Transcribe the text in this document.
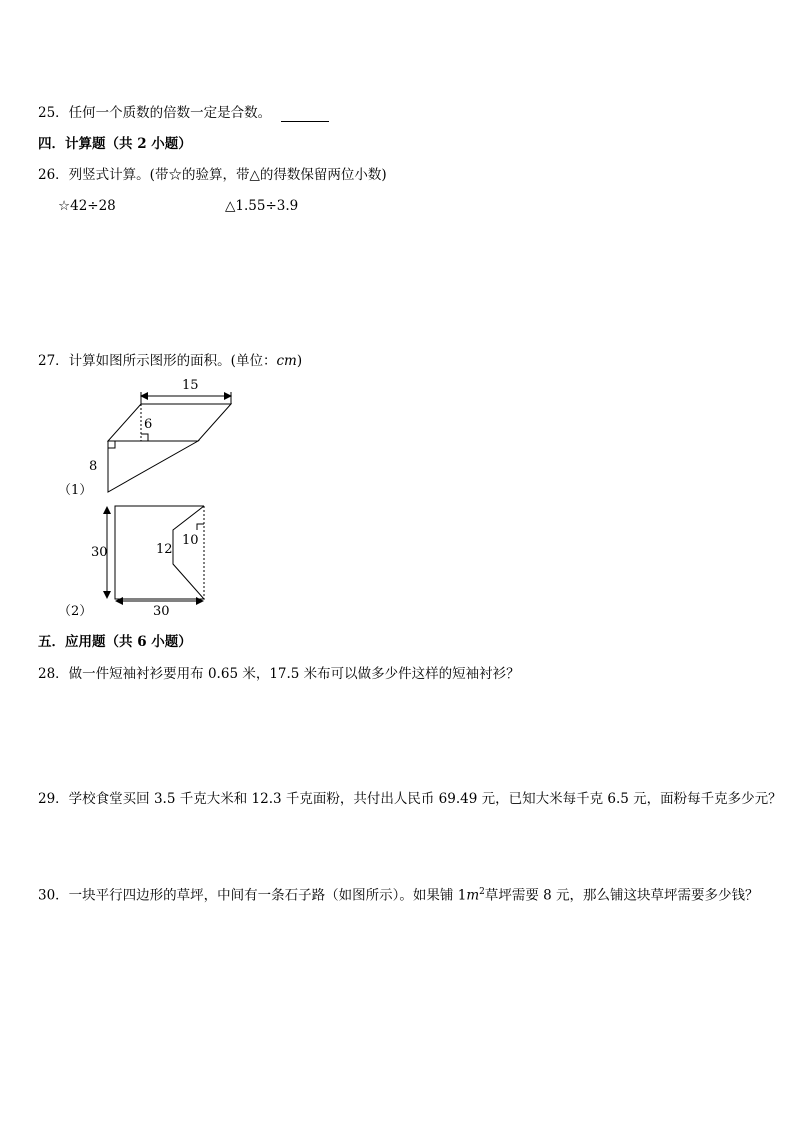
25．任何一个质数的倍数一定是合数。
四．计算题（共 2 小题）
26．列竖式计算。(带☆的验算，带△的得数保留两位小数)
☆42÷28	△1.55÷3.9
27．计算如图所示图形的面积。(单位：cm)
15
6
8
（1）
30	12
10
30
（2）
五．应用题（共 6 小题）
28．做一件短袖衬衫要用布 0.65 米，17.5 米布可以做多少件这样的短袖衬衫？
29．学校食堂买回 3.5 千克大米和 12.3 千克面粉，共付出人民币 69.49 元，已知大米每千克 6.5 元，面粉每千克多少元？
30．一块平行四边形的草坪，中间有一条石子路（如图所示）。如果铺 $1m^2$草坪需要 8 元，那么铺这块草坪需要多少钱？
